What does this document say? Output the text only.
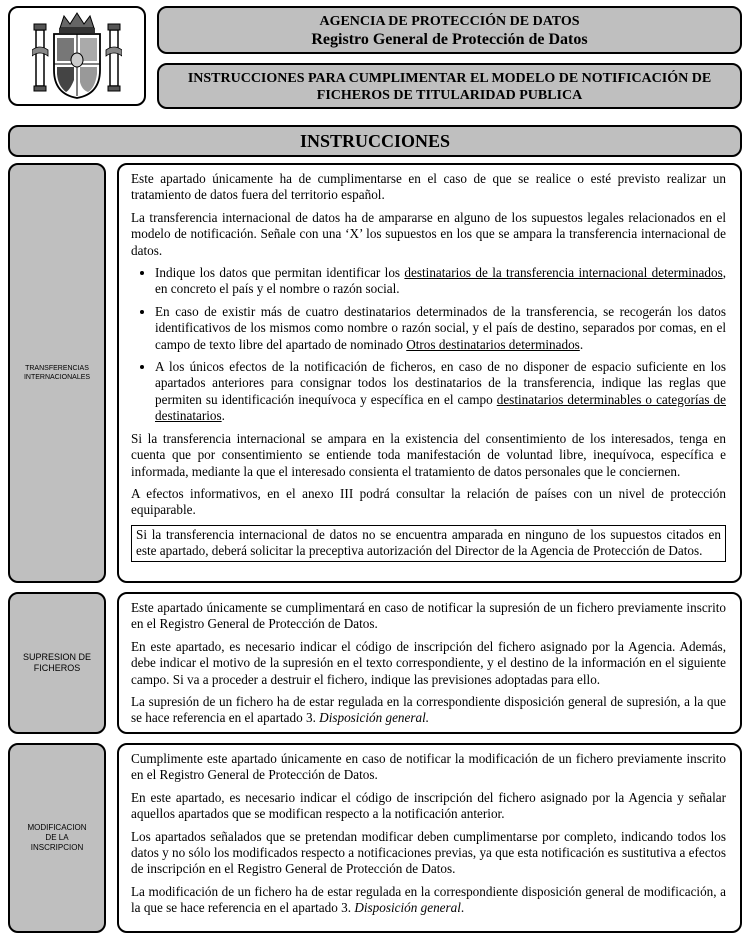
AGENCIA DE PROTECCIÓN DE DATOS
Registro General de Protección de Datos
INSTRUCCIONES PARA CUMPLIMENTAR EL MODELO DE NOTIFICACIÓN DE
FICHEROS DE TITULARIDAD PUBLICA
INSTRUCCIONES
TRANSFERENCIAS
INTERNACIONALES

Este apartado únicamente ha de cumplimentarse en el caso de que se realice o esté previsto realizar un tratamiento de datos fuera del territorio español.

La transferencia internacional de datos ha de ampararse en alguno de los supuestos legales relacionados en el modelo de notificación. Señale con una ‘X’ los supuestos en los que se ampara la transferencia internacional de datos.

• Indique los datos que permitan identificar los destinatarios de la transferencia internacional determinados, en concreto el país y el nombre o razón social.
• En caso de existir más de cuatro destinatarios determinados de la transferencia, se recogerán los datos identificativos de los mismos como nombre o razón social, y el país de destino, separados por comas, en el campo de texto libre del apartado de nominado Otros destinatarios determinados.
• A los únicos efectos de la notificación de ficheros, en caso de no disponer de espacio suficiente en los apartados anteriores para consignar todos los destinatarios de la transferencia, indique las reglas que permiten su identificación inequívoca y específica en el campo destinatarios determinables o categorías de destinatarios.

Si la transferencia internacional se ampara en la existencia del consentimiento de los interesados, tenga en cuenta que por consentimiento se entiende toda manifestación de voluntad libre, inequívoca, específica e informada, mediante la que el interesado consienta el tratamiento de datos personales que le conciernen.

A efectos informativos, en el anexo III podrá consultar la relación de países con un nivel de protección equiparable.

Si la transferencia internacional de datos no se encuentra amparada en ninguno de los supuestos citados en este apartado, deberá solicitar la preceptiva autorización del Director de la Agencia de Protección de Datos.
SUPRESION DE
FICHEROS

Este apartado únicamente se cumplimentará en caso de notificar la supresión de un fichero previamente inscrito en el Registro General de Protección de Datos.

En este apartado, es necesario indicar el código de inscripción del fichero asignado por la Agencia. Además, debe indicar el motivo de la supresión en el texto correspondiente, y el destino de la información en el siguiente campo. Si va a proceder a destruir el fichero, indique las previsiones adoptadas para ello.

La supresión de un fichero ha de estar regulada en la correspondiente disposición general de supresión, a la que se hace referencia en el apartado 3. Disposición general.

MODIFICACION
DE LA
INSCRIPCION

Cumplimente este apartado únicamente en caso de notificar la modificación de un fichero previamente inscrito en el Registro General de Protección de Datos.

En este apartado, es necesario indicar el código de inscripción del fichero asignado por la Agencia y señalar aquellos apartados que se modifican respecto a la notificación anterior.

Los apartados señalados que se pretendan modificar deben cumplimentarse por completo, indicando todos los datos y no sólo los modificados respecto a notificaciones previas, ya que esta notificación es sustitutiva a efectos de inscripción en el Registro General de Protección de Datos.

La modificación de un fichero ha de estar regulada en la correspondiente disposición general de modificación, a la que se hace referencia en el apartado 3. Disposición general.
